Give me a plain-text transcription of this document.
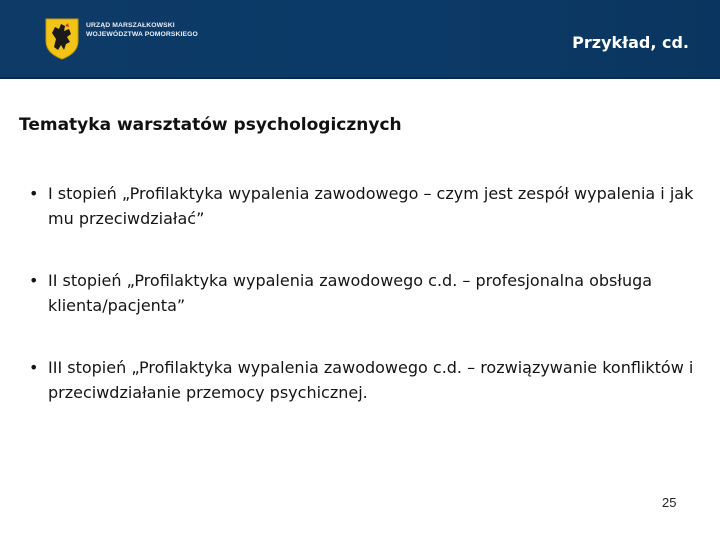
URZĄD MARSZAŁKOWSKI
WOJEWÓDZTWA POMORSKIEGO	Przykład, cd.
Tematyka warsztatów psychologicznych
• I stopień „Profilaktyka wypalenia zawodowego – czym jest zespół wypalenia i jak mu przeciwdziałać”
• II stopień „Profilaktyka wypalenia zawodowego c.d. – profesjonalna obsługa klienta/pacjenta”
• III stopień „Profilaktyka wypalenia zawodowego c.d. – rozwiązywanie konfliktów i przeciwdziałanie przemocy psychicznej.
25
